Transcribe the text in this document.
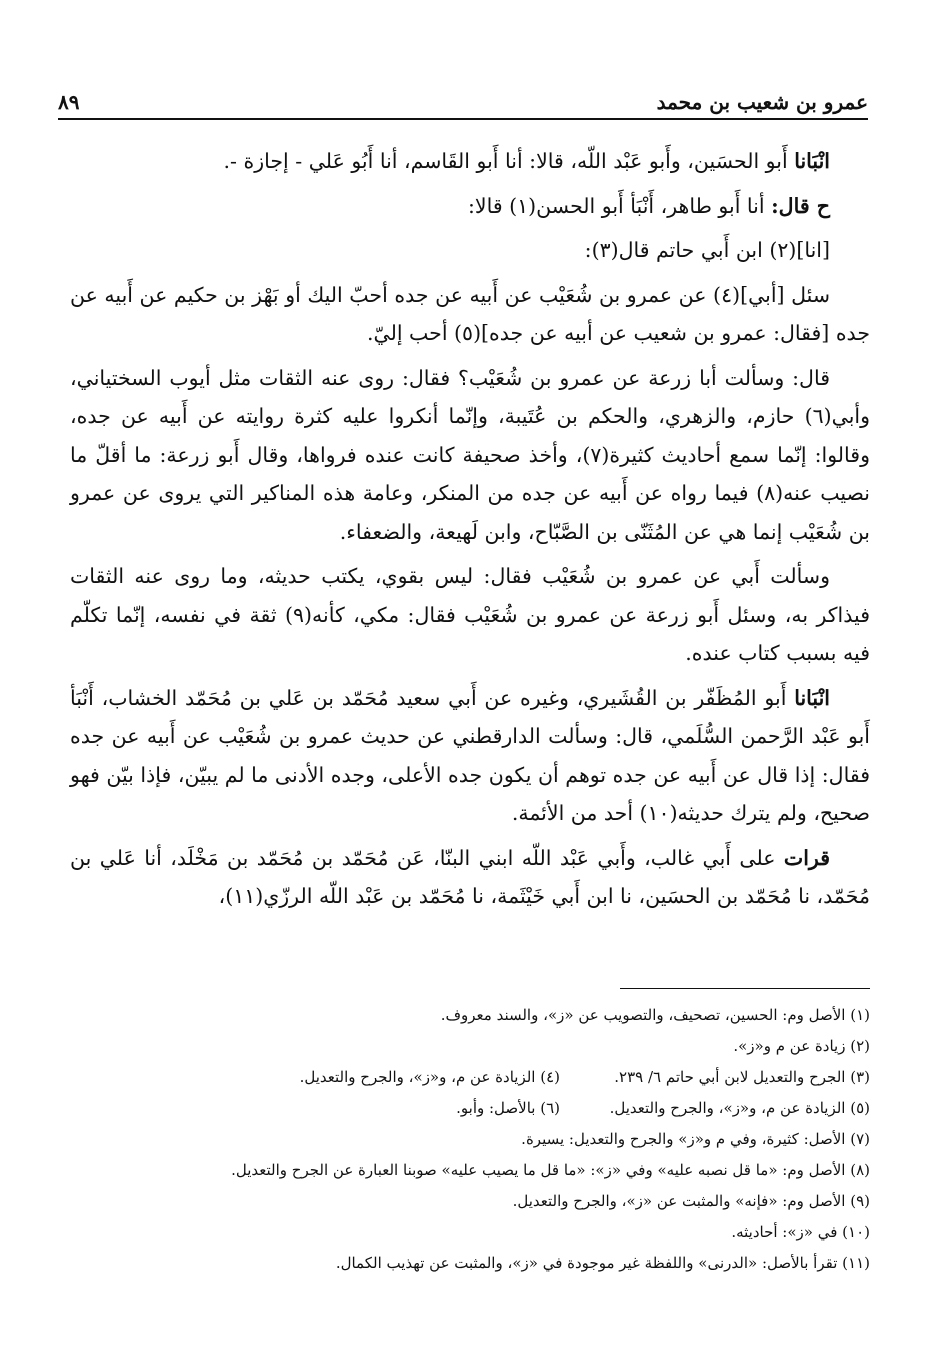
عمرو بن شعيب بن محمد
٨٩

انْبَانا أَبو الحسَين، وأَبو عَبْد اللّه، قالا: أنا أَبو القَاسم، أنا أَبُو عَلي - إجازة -.

ح قال: أنا أَبو طاهر، أَنْبَأ أَبو الحسن(١) قالا:

[انا](٢) ابن أَبي حاتم قال(٣):

سئل [أبي](٤) عن عمرو بن شُعَيْب عن أَبيه عن جده أحبّ اليك أو بَهْز بن حكيم عن أَبيه عن جده [فقال: عمرو بن شعيب عن أبيه عن جده](٥) أحب إليّ.

قال: وسألت أبا زرعة عن عمرو بن شُعَيْب؟ فقال: روى عنه الثقات مثل أيوب السختياني، وأبي(٦) حازم، والزهري، والحكم بن عُتَيبة، وإنّما أنكروا عليه كثرة روايته عن أَبيه عن جده، وقالوا: إنّما سمع أحاديث كثيرة(٧)، وأخذ صحيفة كانت عنده فرواها، وقال أَبو زرعة: ما أقلّ ما نصيب عنه(٨) فيما رواه عن أَبيه عن جده من المنكر، وعامة هذه المناكير التي يروى عن عمرو بن شُعَيْب إنما هي عن المُثَنّى بن الصَّبّاح، وابن لَهيعة، والضعفاء.

وسألت أَبي عن عمرو بن شُعَيْب فقال: ليس بقوي، يكتب حديثه، وما روى عنه الثقات فيذاكر به، وسئل أَبو زرعة عن عمرو بن شُعَيْب فقال: مكي، كأنه(٩) ثقة في نفسه، إنّما تكلّم فيه بسبب كتاب عنده.

انْبَانا أَبو المُظَفّر بن القُشَيري، وغيره عن أَبي سعيد مُحَمّد بن عَلي بن مُحَمّد الخشاب، أَنْبَأ أَبو عَبْد الرَّحمن السُّلَمي، قال: وسألت الدارقطني عن حديث عمرو بن شُعَيْب عن أَبيه عن جده فقال: إذا قال عن أَبيه عن جده توهم أن يكون جده الأعلى، وجده الأدنى ما لم يبيّن، فإذا بيّن فهو صحيح، ولم يترك حديثه(١٠) أحد من الأئمة.

قرات على أَبي غالب، وأَبي عَبْد اللّه ابني البنّا، عَن مُحَمّد بن مُحَمّد بن مَخْلَد، أنا عَلي بن مُحَمّد، نا مُحَمّد بن الحسَين، نا ابن أَبي خَيْثَمة، نا مُحَمّد بن عَبْد اللّه الرزّي(١١)،

(١) الأصل وم: الحسين، تصحيف، والتصويب عن «ز»، والسند معروف.
(٢) زيادة عن م و«ز».
(٣) الجرح والتعديل لابن أبي حاتم ٦/ ٢٣٩.
(٤) الزيادة عن م، و«ز»، والجرح والتعديل.
(٥) الزيادة عن م، و«ز»، والجرح والتعديل.
(٦) بالأصل: وأبو.
(٧) الأصل: كثيرة، وفي م و«ز» والجرح والتعديل: يسيرة.
(٨) الأصل وم: «ما قل نصبه عليه» وفي «ز»: «ما قل ما يصيب عليه» صوبنا العبارة عن الجرح والتعديل.
(٩) الأصل وم: «فإنه» والمثبت عن «ز»، والجرح والتعديل.
(١٠) في «ز»: أحاديثه.
(١١) تقرأ بالأصل: «الدرنى» واللفظة غير موجودة في «ز»، والمثبت عن تهذيب الكمال.
